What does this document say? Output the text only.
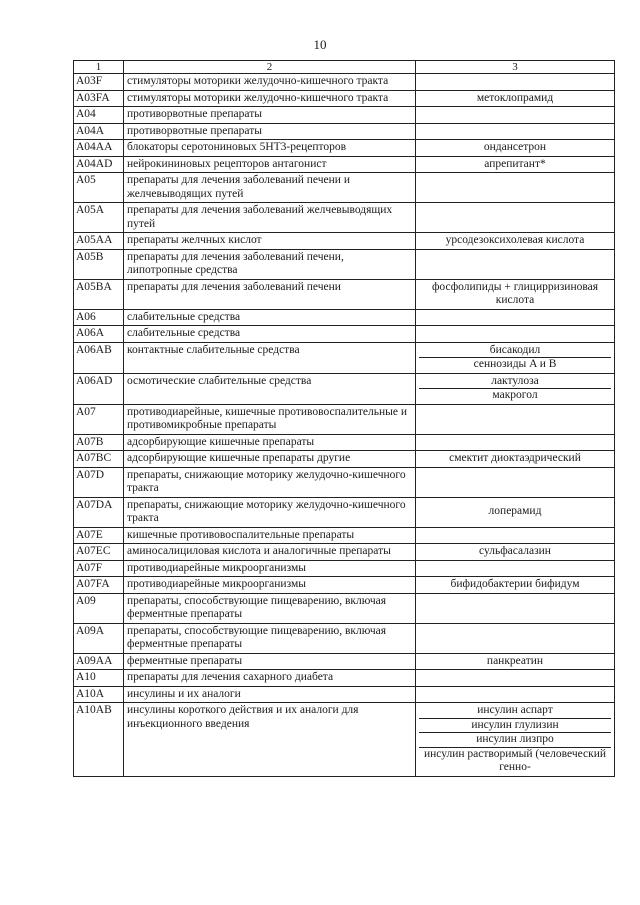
10
1	2	3
A03F	стимуляторы моторики желудочно-кишечного тракта	
A03FA	стимуляторы моторики желудочно-кишечного тракта	метоклопрамид

A04	противорвотные препараты	
A04A	противорвотные препараты	
A04AA	блокаторы серотониновых 5HT3-рецепторов	ондансетрон

A04AD	нейрокининовых рецепторов антагонист	апрепитант*

A05	препараты для лечения заболеваний печени и желчевыводящих путей	
A05A	препараты для лечения заболеваний желчевыводящих путей	
A05AA	препараты желчных кислот	урсодезоксихолевая кислота

A05B	препараты для лечения заболеваний печени, липотропные средства	
A05BA	препараты для лечения заболеваний печени	фосфолипиды + глицирризиновая кислота

A06	слабительные средства	
A06A	слабительные средства	
A06AB	контактные слабительные средства	бисакодил
сеннозиды A и B

A06AD	осмотические слабительные средства	лактулоза
макрогол

A07	противодиарейные, кишечные противовоспалительные и противомикробные препараты	
A07B	адсорбирующие кишечные препараты	
A07BC	адсорбирующие кишечные препараты другие	смектит диоктаэдрический

A07D	препараты, снижающие моторику желудочно-кишечного тракта	
A07DA	препараты, снижающие моторику желудочно-кишечного тракта	лоперамид

A07E	кишечные противовоспалительные препараты	
A07EC	аминосалициловая кислота и аналогичные препараты	сульфасалазин

A07F	противодиарейные микроорганизмы	
A07FA	противодиарейные микроорганизмы	бифидобактерии бифидум

A09	препараты, способствующие пищеварению, включая ферментные препараты	
A09A	препараты, способствующие пищеварению, включая ферментные препараты	
A09AA	ферментные препараты	панкреатин

A10	препараты для лечения сахарного диабета	
A10A	инсулины и их аналоги	
A10AB	инсулины короткого действия и их аналоги для инъекционного введения	инсулин аспарт
инсулин глулизин
инсулин лизпро
инсулин растворимый (человеческий генно-
